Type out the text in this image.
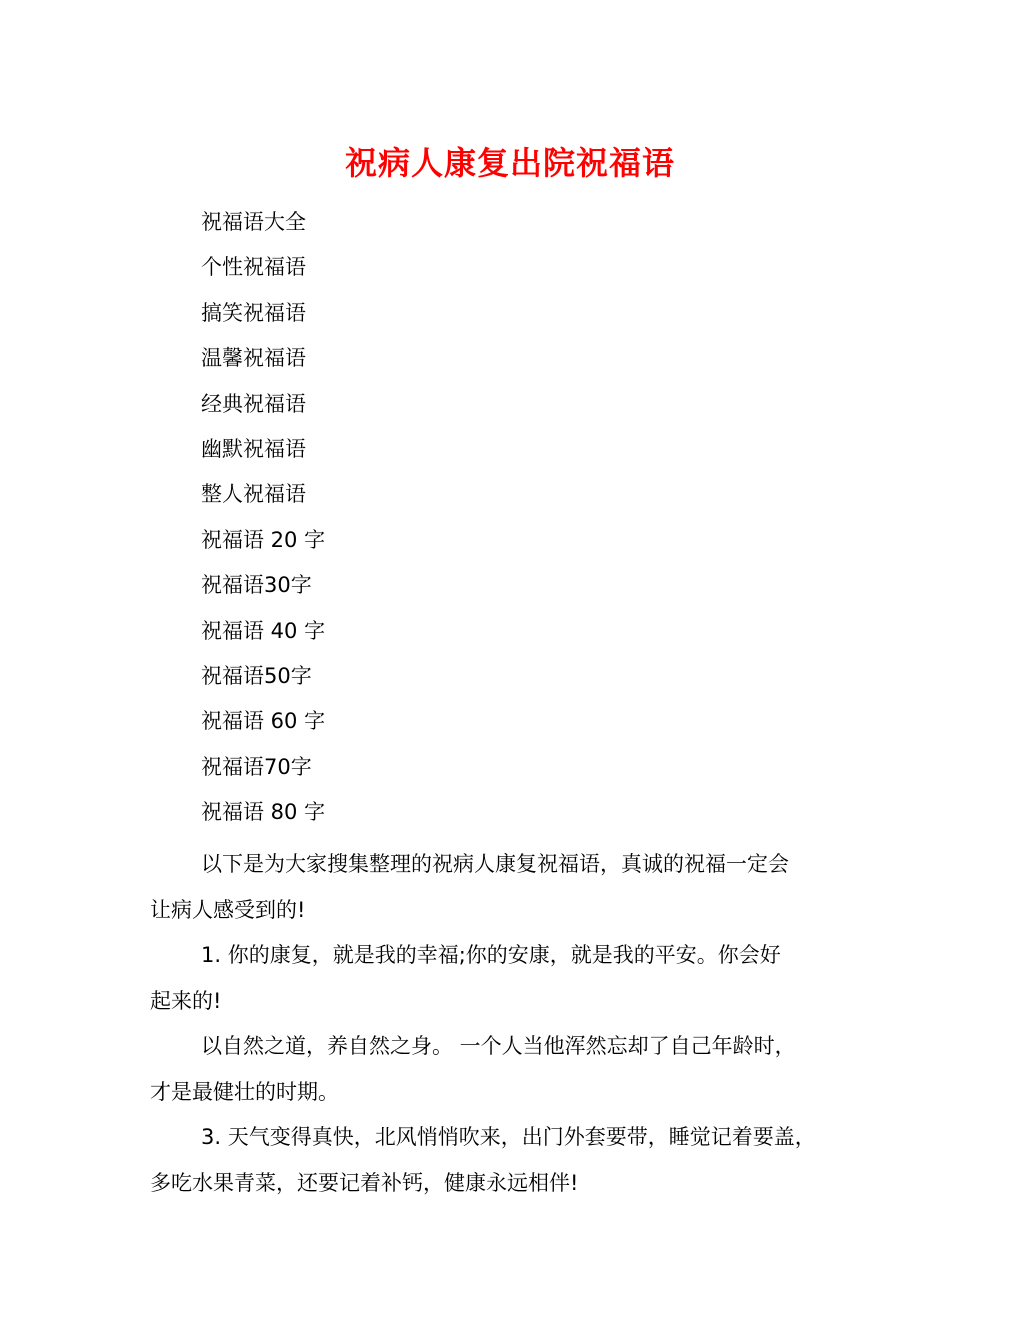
祝病人康复出院祝福语
祝福语大全
个性祝福语
搞笑祝福语
温馨祝福语
经典祝福语
幽默祝福语
整人祝福语
祝福语 20 字
祝福语30字
祝福语 40 字
祝福语50字
祝福语 60 字
祝福语70字
祝福语 80 字
以下是为大家搜集整理的祝病人康复祝福语，真诚的祝福一定会
让病人感受到的!
1. 你的康复，就是我的幸福;你的安康，就是我的平安。你会好
起来的!
以自然之道，养自然之身。 一个人当他浑然忘却了自己年龄时，
才是最健壮的时期。
3. 天气变得真快，北风悄悄吹来，出门外套要带，睡觉记着要盖，
多吃水果青菜，还要记着补钙，健康永远相伴!
